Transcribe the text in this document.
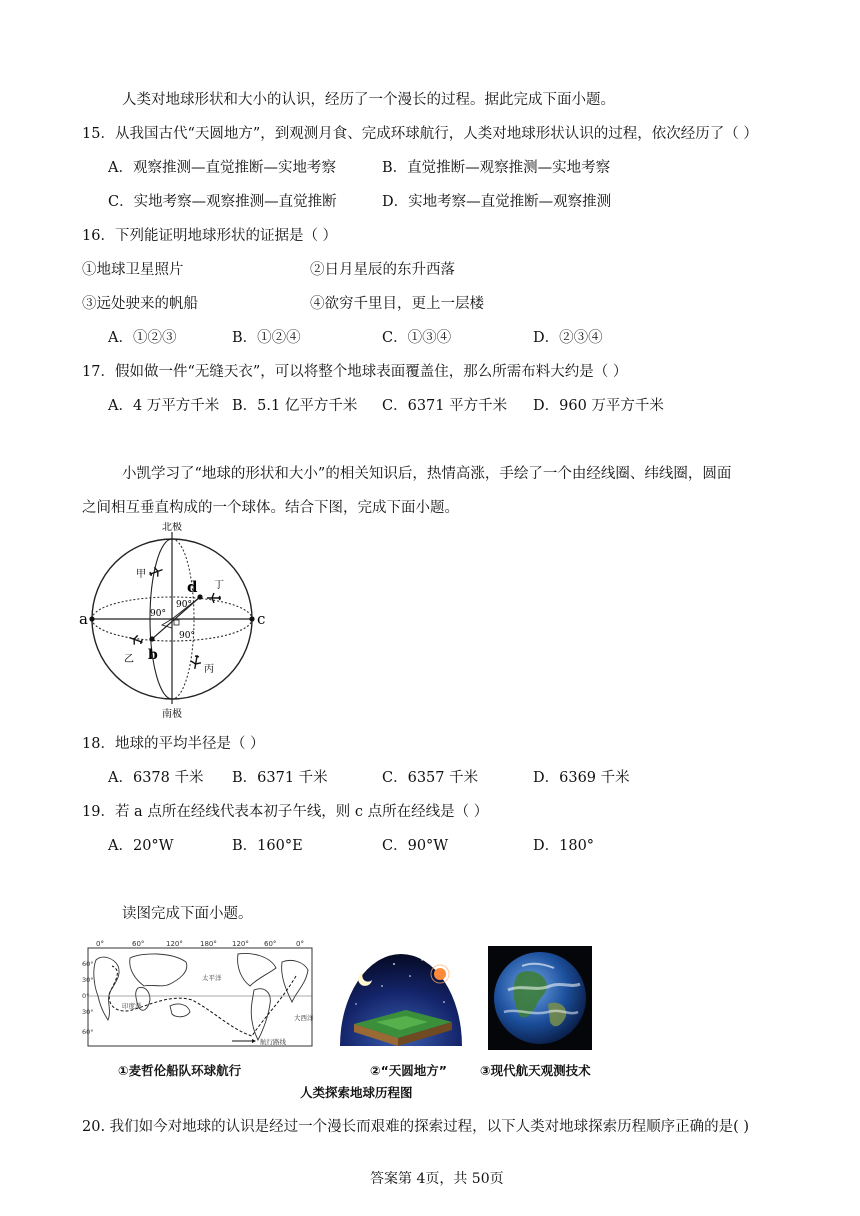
人类对地球形状和大小的认识，经历了一个漫长的过程。据此完成下面小题。
15．从我国古代“天圆地方”，到观测月食、完成环球航行，人类对地球形状认识的过程，依次经历了（ ）
A．观察推测—直觉推断—实地考察	B．直觉推断—观察推测—实地考察
C．实地考察—观察推测—直觉推断	D．实地考察—直觉推断—观察推测
16．下列能证明地球形状的证据是（ ）
①地球卫星照片	②日月星辰的东升西落
③远处驶来的帆船	④欲穷千里目，更上一层楼
A．①②③	B．①②④	C．①③④	D．②③④
17．假如做一件“无缝天衣”，可以将整个地球表面覆盖住，那么所需布料大约是（ ）
A．4 万平方千米 B．5.1 亿平方千米 C．6371 平方千米 D．960 万平方千米
小凯学习了“地球的形状和大小”的相关知识后，热情高涨，手绘了一个由经线圈、纬线圈，圆面
之间相互垂直构成的一个球体。结合下图，完成下面小题。
北极
南极
a	c
b
d
甲
乙
丙
丁
90°
90°
90°
18．地球的平均半径是（ ）
A．6378 千米 B．6371 千米	C．6357 千米	D．6369 千米
19．若 a 点所在经线代表本初子午线，则 c 点所在经线是（ ）
A．20°W	B．160°E	C．90°W	D．180°
读图完成下面小题。
0°	60°	120° 180° 120° 60°	0°
60°
30°
0°
30°
60°
太平洋
印度洋
大西洋
航行路线
①麦哲伦船队环球航行	②“天圆地方”	③现代航天观测技术
人类探索地球历程图
20. 我们如今对地球的认识是经过一个漫长而艰难的探索过程，以下人类对地球探索历程顺序正确的是( )
答案第 4页，共 50页
